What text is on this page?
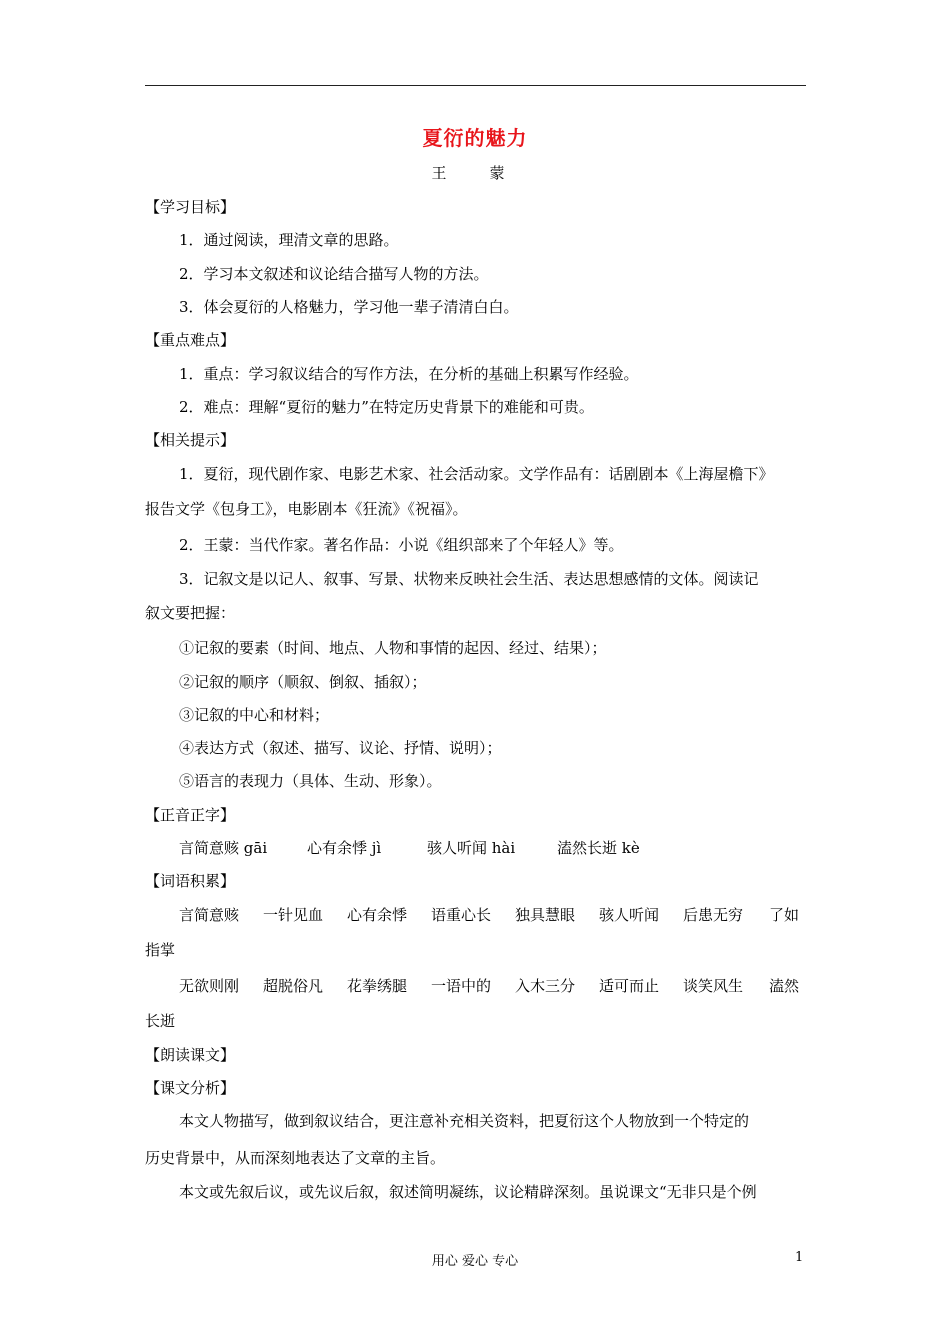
夏衍的魅力
王　蒙
【学习目标】
1．通过阅读，理清文章的思路。
2．学习本文叙述和议论结合描写人物的方法。
3．体会夏衍的人格魅力，学习他一辈子清清白白。
【重点难点】
1．重点：学习叙议结合的写作方法，在分析的基础上积累写作经验。
2．难点：理解“夏衍的魅力”在特定历史背景下的难能和可贵。
【相关提示】
1．夏衍，现代剧作家、电影艺术家、社会活动家。文学作品有：话剧剧本《上海屋檐下》
报告文学《包身工》，电影剧本《狂流》《祝福》。
2．王蒙：当代作家。著名作品：小说《组织部来了个年轻人》等。
3．记叙文是以记人、叙事、写景、状物来反映社会生活、表达思想感情的文体。阅读记
叙文要把握：
①记叙的要素（时间、地点、人物和事情的起因、经过、结果）；
②记叙的顺序（顺叙、倒叙、插叙）；
③记叙的中心和材料；
④表达方式（叙述、描写、议论、抒情、说明）；
⑤语言的表现力（具体、生动、形象）。
【正音正字】
言简意赅 gāi	心有余悸 jì	骇人听闻 hài	溘然长逝 kè
【词语积累】
言简意赅 一针见血 心有余悸 语重心长 独具慧眼 骇人听闻 后患无穷 了如
指掌
无欲则刚 超脱俗凡 花拳绣腿 一语中的 入木三分 适可而止 谈笑风生 溘然
长逝
【朗读课文】
【课文分析】
本文人物描写，做到叙议结合，更注意补充相关资料，把夏衍这个人物放到一个特定的
历史背景中，从而深刻地表达了文章的主旨。
本文或先叙后议，或先议后叙，叙述简明凝练，议论精辟深刻。虽说课文“无非只是个例
用心 爱心 专心	1
